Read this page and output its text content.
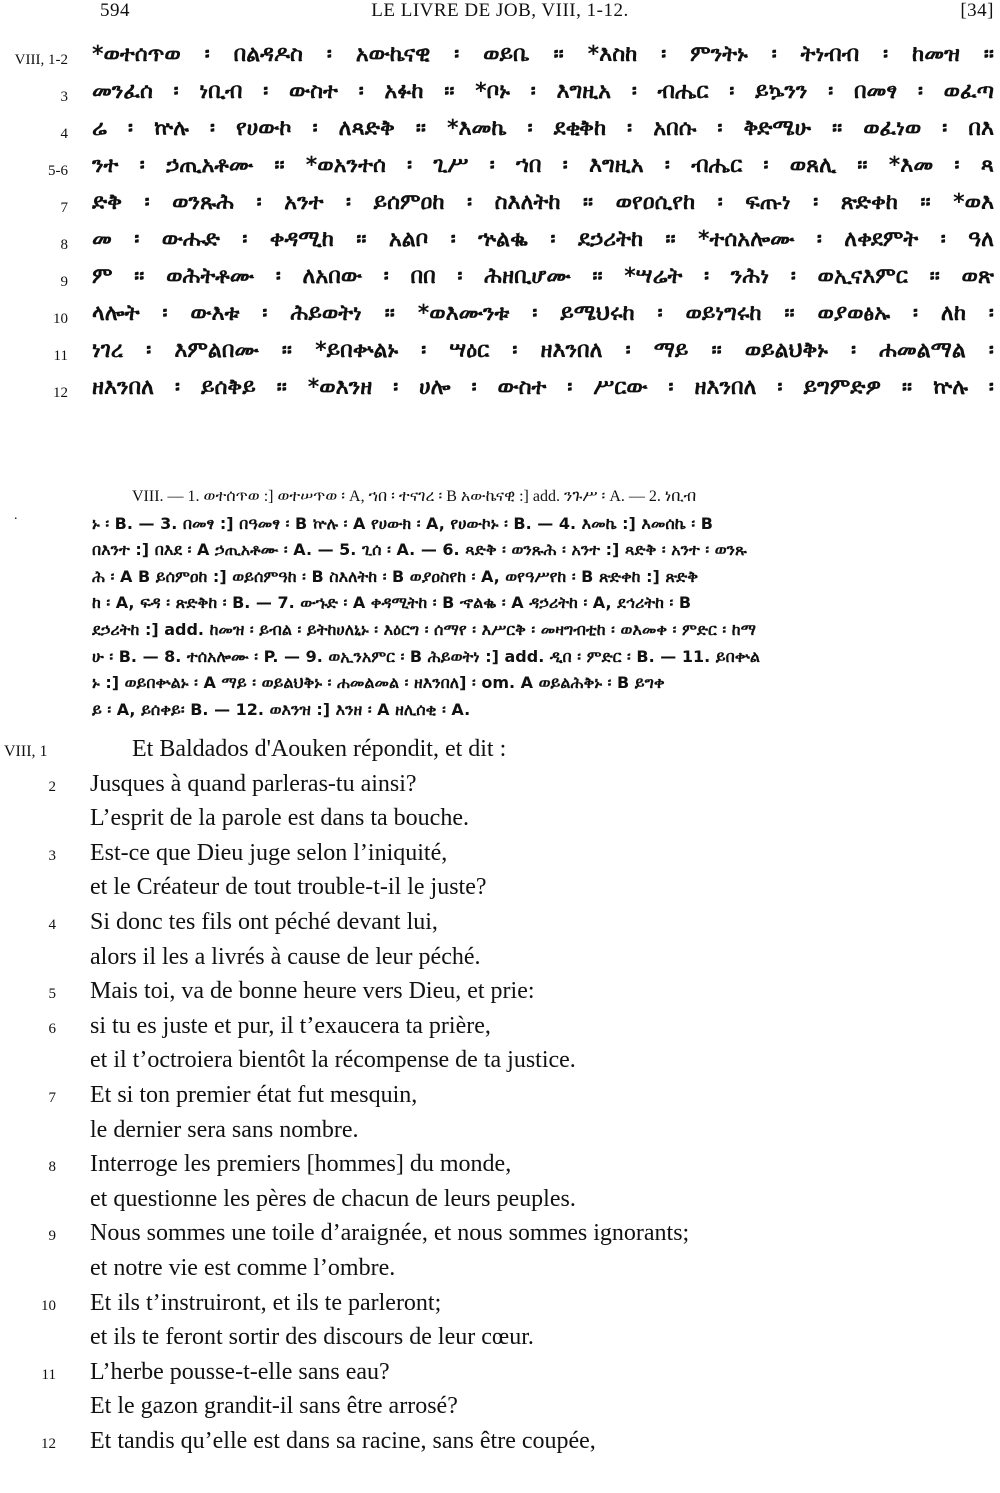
594	LE LIVRE DE JOB, VIII, 1-12.	[34]
VIII, 1-2 *ወተሰጥወ ፡ በልዳዶስ ፡ አውኬናዊ ፡ ወይቤ ። *እስከ ፡ ምንትኑ ፡ ትነብብ ፡ ከመዝ ።
3 መንፈሰ ፡ ነቢብ ፡ ውስተ ፡ አፉከ ። *ቦኑ ፡ እግዚአ ፡ ብሔር ፡ ይኴንን ፡ በመፃ ፡ ወፈጣ
4 ሬ ፡ ኵሉ ፡ የሀውኮ ፡ ለጻድቅ ። *እመኬ ፡ ደቂቅከ ፡ አበሱ ፡ ቅድሜሁ ። ወፈነወ ፡ በእ
5-6 ንተ ፡ ኃጢአቶሙ ። *ወአንተሰ ፡ ጊሥ ፡ ኀበ ፡ እግዚአ ፡ ብሔር ፡ ወጸሊ ። *እመ ፡ ጻ
7 ድቅ ፡ ወንጹሕ ፡ አንተ ፡ ይሰምዐከ ፡ ስእለትከ ። ወየዐሲየከ ፡ ፍጡነ ፡ ጽድቀከ ። *ወእ
8 መ ፡ ውሑድ ፡ ቀዳሚከ ። አልቦ ፡ ኍልቈ ፡ ደኃሪትከ ። *ተሰአሎሙ ፡ ለቀደምት ፡ ዓለ
9 ም ። ወሕትቶሙ ፡ ለአበው ፡ በበ ፡ ሕዘቢሆሙ ። *ሣሬት ፡ ንሕነ ፡ ወኢናእምር ። ወጽ
10 ላሎት ፡ ውእቱ ፡ ሕይወትነ ። *ወእሙንቱ ፡ ይሜህሩከ ፡ ወይነግሩከ ። ወያወፅኡ ፡ ለከ ፡
11 ነገረ ፡ እምልበሙ ። *ይበቍልኑ ፡ ሣዕር ፡ ዘእንበለ ፡ ማይ ። ወይልህቅኑ ፡ ሐመልማል ፡
12 ዘእንበለ ፡ ይሰቅይ ። *ወእንዘ ፡ ሀሎ ፡ ውስተ ፡ ሥርው ፡ ዘእንበለ ፡ ይግምድዎ ። ኵሉ ፡
.
VIII. — 1. ወተሰጥወ :] ወተሠጥወ ፡ A, ኀበ ፡ ተናገረ ፡ B አውኬናዊ :] add. ንጉሥ ፡ A. — 2. ነቢብ
ኑ ፡ B. — 3. በመፃ :] በዓመፃ ፡ B ኵሉ ፡ A የሀውክ ፡ A, የሀውኮኑ ፡ B. — 4. እመኬ :] እመሰኬ ፡ B
በእንተ :] በእደ ፡ A ኃጢአቶሙ ፡ A. — 5. ጊሰ ፡ A. — 6. ጻድቅ ፡ ወንጹሕ ፡ አንተ :] ጻድቅ ፡ አንተ ፡ ወንጹ
ሕ ፡ A B ይሰምዐከ :] ወይሰምዓከ ፡ B ስእለትከ ፡ B ወያዐስየከ ፡ A, ወየዓሥየከ ፡ B ጽድቀከ :] ጽድቅ
ከ ፡ A, ፍዳ ፡ ጽድቅከ ፡ B. — 7. ውኁድ ፡ A ቀዳሚትከ ፡ B ኆልቈ ፡ A ዳኃሪትከ ፡ A, ደኅሪትከ ፡ B
ደኃሪትከ :] add. ከመዝ ፡ ይብል ፡ ይትከሀለኒኑ ፡ እዕርግ ፡ ሰማየ ፡ እሥርቅ ፡ መዛግብቲከ ፡ ወእመቀ ፡ ምድር ፡ ከማ
ሁ ፡ B. — 8. ተሰአሎሙ ፡ P. — 9. ወኢንአምር ፡ B ሕይወትነ :] add. ዲበ ፡ ምድር ፡ B. — 11. ይበቍል
ኑ :] ወይበቍልኑ ፡ A ማይ ፡ ወይልህቅኑ ፡ ሐመልመል ፡ ዘእንበለ] ፡ om. A ወይልሕቅኑ ፡ B ይግቀ
ይ ፡ A, ይሰቀይ፡ B. — 12. ወእንዝ :] እንዘ ፡ A ዘሊሰቂ ፡ A.
VIII, 1	Et Baldados d'Aouken répondit, et dit :
2 Jusques à quand parleras-tu ainsi?
L’esprit de la parole est dans ta bouche.
3 Est-ce que Dieu juge selon l’iniquité,
et le Créateur de tout trouble-t-il le juste?
4 Si donc tes fils ont péché devant lui,
alors il les a livrés à cause de leur péché.
5 Mais toi, va de bonne heure vers Dieu, et prie:
6 si tu es juste et pur, il t’exaucera ta prière,
et il t’octroiera bientôt la récompense de ta justice.
7 Et si ton premier état fut mesquin,
le dernier sera sans nombre.
8 Interroge les premiers [hommes] du monde,
et questionne les pères de chacun de leurs peuples.
9 Nous sommes une toile d’araignée, et nous sommes ignorants;
et notre vie est comme l’ombre.
10 Et ils t’instruiront, et ils te parleront;
et ils te feront sortir des discours de leur cœur.
11 L’herbe pousse-t-elle sans eau?
Et le gazon grandit-il sans être arrosé?
12 Et tandis qu’elle est dans sa racine, sans être coupée,
